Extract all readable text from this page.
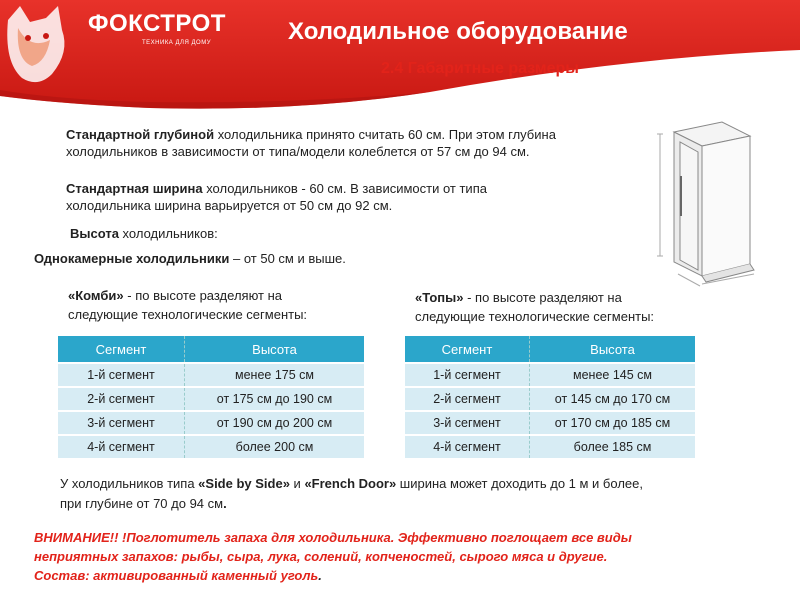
ФОКСТРОТ
ТЕХНИКА ДЛЯ ДОМУ	Холодильное оборудование
2.4 Габаритные размеры
Стандартной глубиной холодильника принято считать 60 см. При этом глубина
холодильников в зависимости от типа/модели колеблется от 57 см до 94 см.
Стандартная ширина холодильников - 60 см. В зависимости от типа
холодильника ширина варьируется от 50 см до 92 см.
Высота холодильников:
Однокамерные холодильники – от 50 см и выше.
«Комби» - по высоте разделяют на
следующие технологические сегменты:
«Топы» - по высоте разделяют на
следующие технологические сегменты:
Сегмент	Высота
1-й сегмент	менее 175 см
2-й сегмент	от 175 см до 190 см
3-й сегмент	от 190 см до 200 см
4-й сегмент	более 200 см
Сегмент	Высота
1-й сегмент	менее 145 см
2-й сегмент	от 145 см до 170 см
3-й сегмент	от 170 см до 185 см
4-й сегмент	более 185 см
У холодильников типа «Side by Side» и «French Door» ширина может доходить до 1 м и более,
при глубине от 70 до 94 см.
ВНИМАНИЕ!! !Поглотитель запаха для холодильника. Эффективно поглощает все виды
неприятных запахов: рыбы, сыра, лука, солений, копченостей, сырого мяса и другие.
Состав: активированный каменный уголь.
